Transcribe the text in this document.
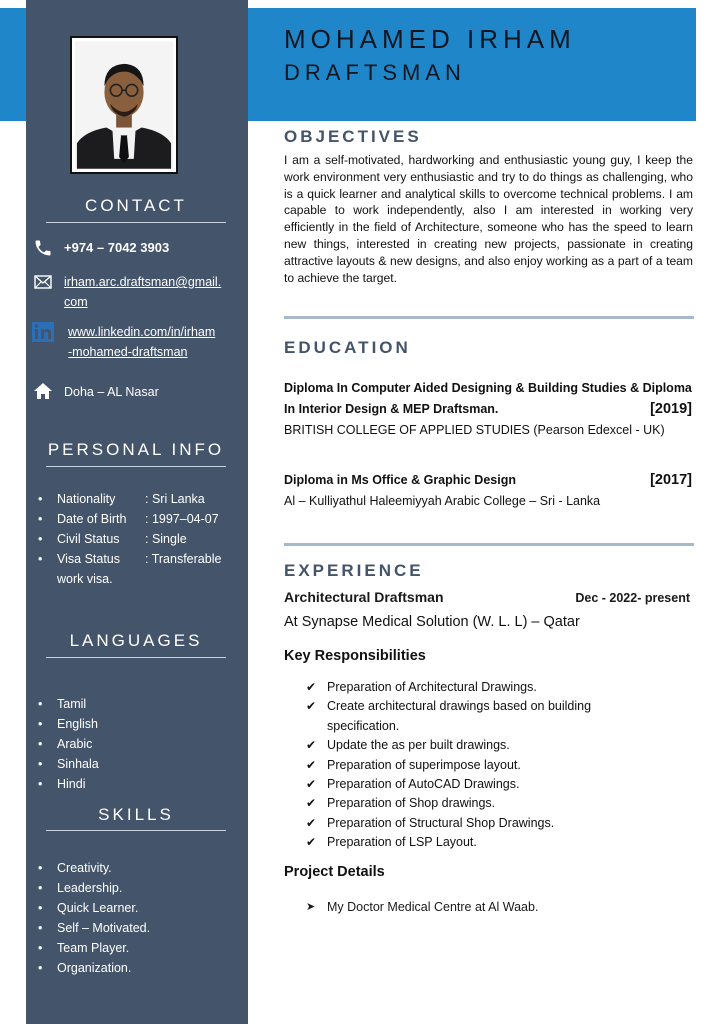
CONTACT
+974 – 7042 3903
irham.arc.draftsman@gmail.
com
www.linkedin.com/in/irham
-mohamed-draftsman
Doha – AL Nasar
PERSONAL INFO
• Nationality	: Sri Lanka
• Date of Birth	: 1997–04-07
• Civil Status	: Single
• Visa Status	: Transferable
work visa.
LANGUAGES
• Tamil
• English
• Arabic
• Sinhala
• Hindi
SKILLS
• Creativity.
• Leadership.
• Quick Learner.
• Self – Motivated.
• Team Player.
• Organization.
MOHAMED IRHAM
DRAFTSMAN
OBJECTIVES

I am a self-motivated, hardworking and enthusiastic young guy, I keep the work environment very enthusiastic and try to do things as challenging, who is a quick learner and analytical skills to overcome technical problems. I am capable to work independently, also I am interested in working very efficiently in the field of Architecture, someone who has the speed to learn new things, interested in creating new projects, passionate in creating attractive layouts & new designs, and also enjoy working as a part of a team to achieve the target.

EDUCATION
Diploma In Computer Aided Designing & Building Studies & Diploma
In Interior Design & MEP Draftsman.	[2019]
BRITISH COLLEGE OF APPLIED STUDIES (Pearson Edexcel - UK)
Diploma in Ms Office & Graphic Design	[2017]
Al – Kulliyathul Haleemiyyah Arabic College – Sri - Lanka
EXPERIENCE
Architectural Draftsman	Dec - 2022- present
At Synapse Medical Solution (W. L. L) – Qatar
Key Responsibilities
✔ Preparation of Architectural Drawings.
✔ Create architectural drawings based on building specification.
✔ Update the as per built drawings.
✔ Preparation of superimpose layout.
✔ Preparation of AutoCAD Drawings.
✔ Preparation of Shop drawings.
✔ Preparation of Structural Shop Drawings.
✔ Preparation of LSP Layout.
Project Details
➤ My Doctor Medical Centre at Al Waab.
